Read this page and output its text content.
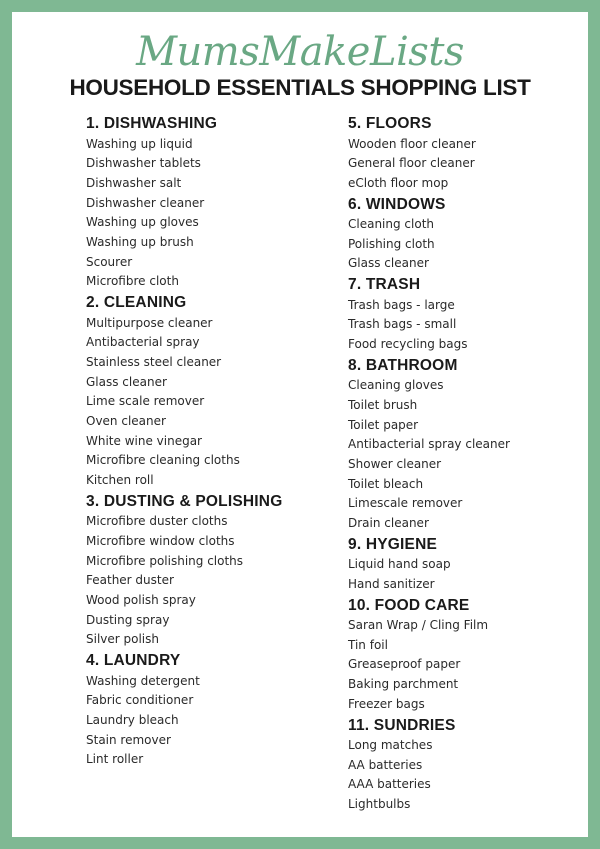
MumsMakeLists
HOUSEHOLD ESSENTIALS SHOPPING LIST
1. DISHWASHING
Washing up liquid
Dishwasher tablets
Dishwasher salt
Dishwasher cleaner
Washing up gloves
Washing up brush
Scourer
Microfibre cloth
2. CLEANING
Multipurpose cleaner
Antibacterial spray
Stainless steel cleaner
Glass cleaner
Lime scale remover
Oven cleaner
White wine vinegar
Microfibre cleaning cloths
Kitchen roll
3. DUSTING & POLISHING
Microfibre duster cloths
Microfibre window cloths
Microfibre polishing cloths
Feather duster
Wood polish spray
Dusting spray
Silver polish
4. LAUNDRY
Washing detergent
Fabric conditioner
Laundry bleach
Stain remover
Lint roller
5. FLOORS
Wooden floor cleaner
General floor cleaner
eCloth floor mop
6. WINDOWS
Cleaning cloth
Polishing cloth
Glass cleaner
7. TRASH
Trash bags - large
Trash bags - small
Food recycling bags
8. BATHROOM
Cleaning gloves
Toilet brush
Toilet paper
Antibacterial spray cleaner
Shower cleaner
Toilet bleach
Limescale remover
Drain cleaner
9. HYGIENE
Liquid hand soap
Hand sanitizer
10. FOOD CARE
Saran Wrap / Cling Film
Tin foil
Greaseproof paper
Baking parchment
Freezer bags
11. SUNDRIES
Long matches
AA batteries
AAA batteries
Lightbulbs
